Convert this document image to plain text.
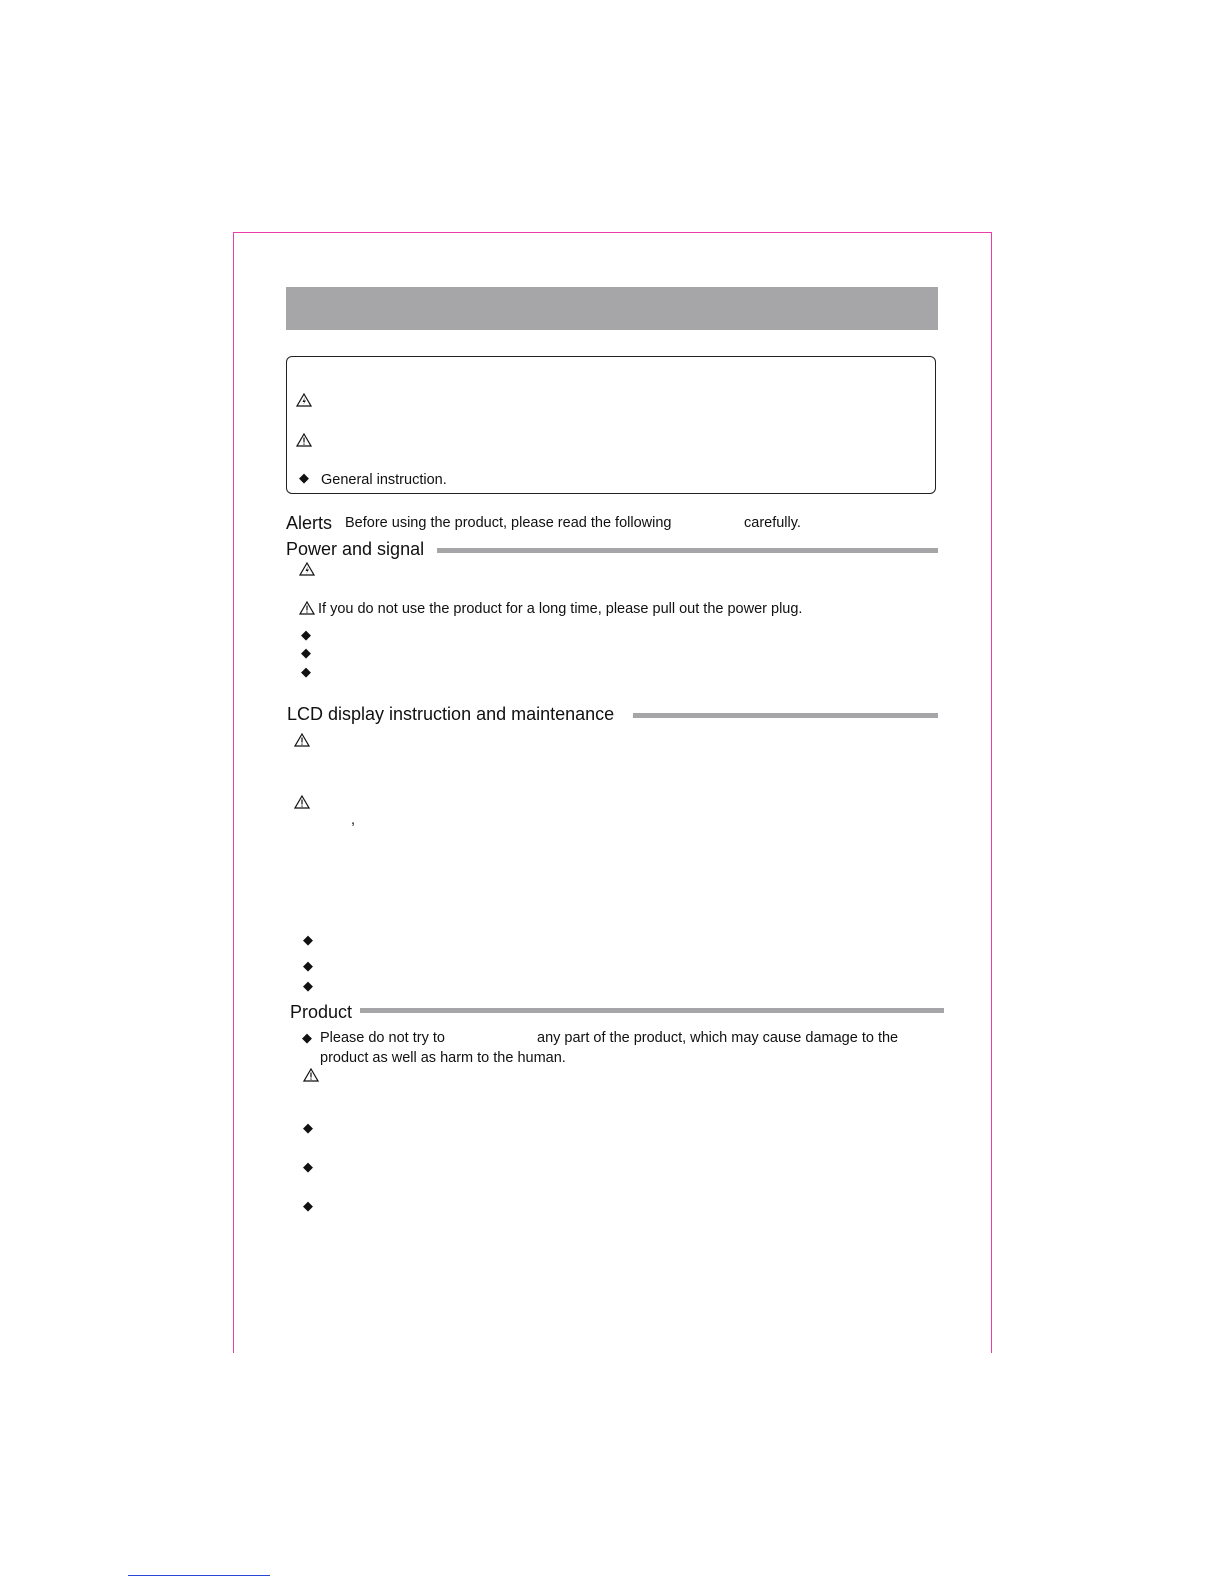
◆ General instruction.
Alerts Before using the product, please read the following	carefully.
Power and signal
If you do not use the product for a long time, please pull out the power plug.
◆
◆
◆
LCD display instruction and maintenance
,
◆
◆
◆
Product
◆ Please do not try to	any part of the product, which may cause damage to the
product as well as harm to the human.
◆
◆
◆
